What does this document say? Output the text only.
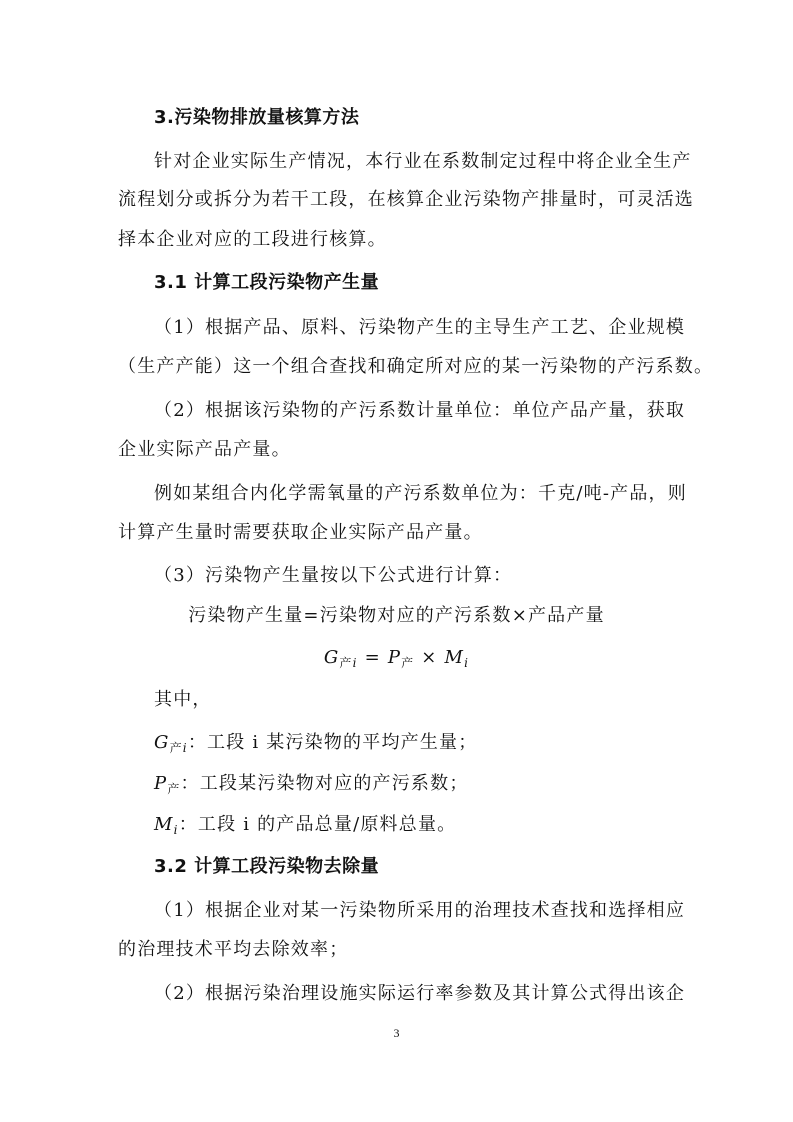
3.污染物排放量核算方法
针对企业实际生产情况，本行业在系数制定过程中将企业全生产
流程划分或拆分为若干工段，在核算企业污染物产排量时，可灵活选
择本企业对应的工段进行核算。
3.1 计算工段污染物产生量
（1）根据产品、原料、污染物产生的主导生产工艺、企业规模
（生产产能）这一个组合查找和确定所对应的某一污染物的产污系数。
（2）根据该污染物的产污系数计量单位：单位产品产量，获取
企业实际产品产量。
例如某组合内化学需氧量的产污系数单位为：千克/吨-产品，则
计算产生量时需要获取企业实际产品产量。
（3）污染物产生量按以下公式进行计算：
污染物产生量=污染物对应的产污系数×产品产量
$G_{产i} = P_产 \times M_i$
其中，
$G_{产i}$：工段 i 某污染物的平均产生量；
$P_产$：工段某污染物对应的产污系数；
$M_i$：工段 i 的产品总量/原料总量。
3.2 计算工段污染物去除量
（1）根据企业对某一污染物所采用的治理技术查找和选择相应
的治理技术平均去除效率；
（2）根据污染治理设施实际运行率参数及其计算公式得出该企
3
